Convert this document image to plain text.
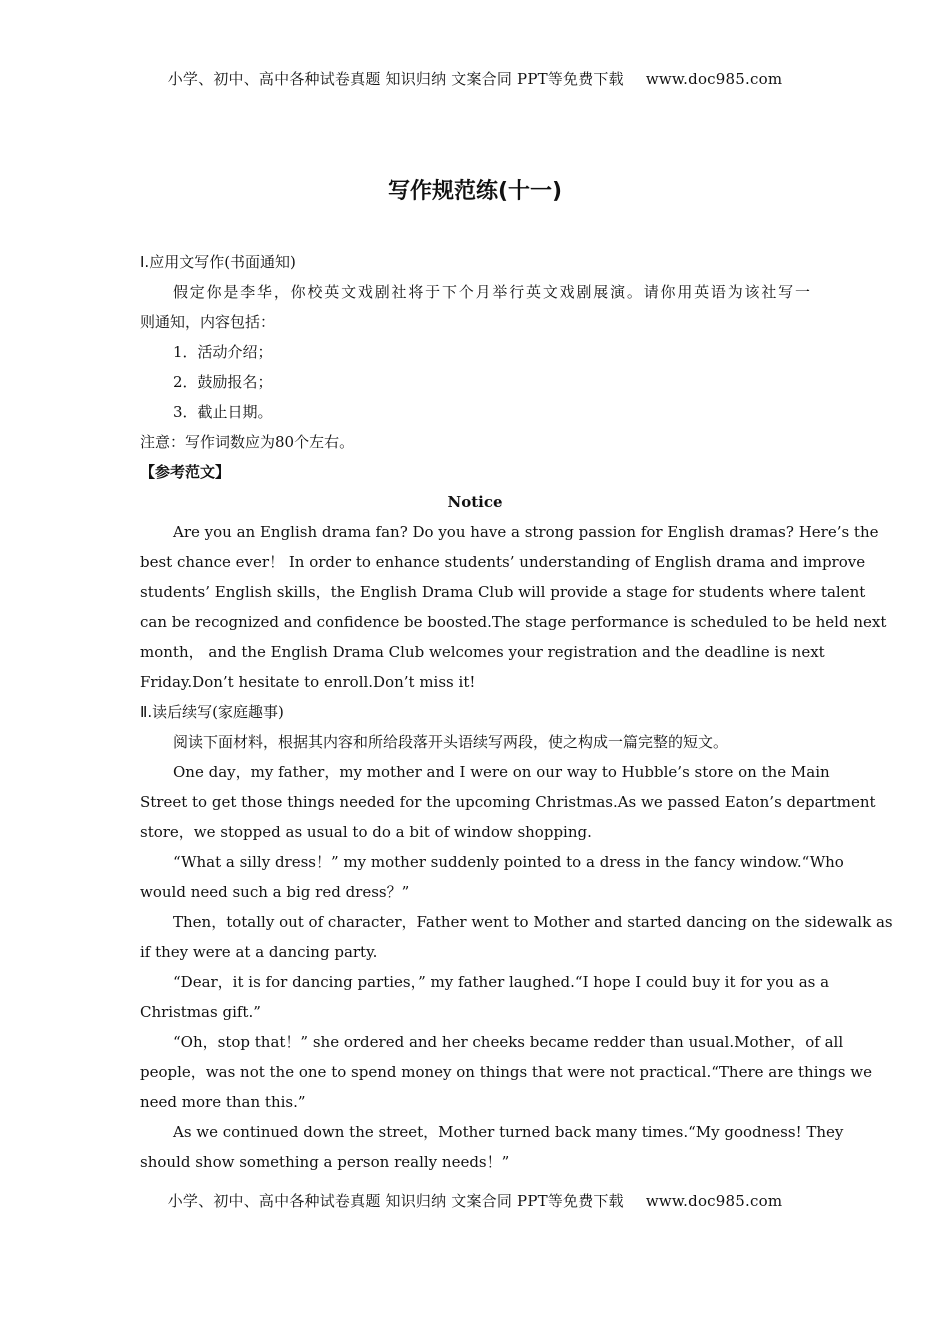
小学、初中、高中各种试卷真题 知识归纳 文案合同 PPT等免费下载 www.doc985.com
写作规范练(十一)
Ⅰ.应用文写作(书面通知)
假定你是李华，你校英文戏剧社将于下个月举行英文戏剧展演。请你用英语为该社写一
则通知，内容包括：
1．活动介绍；
2．鼓励报名；
3．截止日期。
注意：写作词数应为80个左右。
【参考范文】
Notice
Are you an English drama fan? Do you have a strong passion for English dramas? Here’s the
best chance ever！ In order to enhance students’ understanding of English drama and improve
students’ English skills，the English Drama Club will provide a stage for students where talent
can be recognized and confidence be boosted.The stage performance is scheduled to be held next
month， and the English Drama Club welcomes your registration and the deadline is next
Friday.Don’t hesitate to enroll.Don’t miss it!
Ⅱ.读后续写(家庭趣事)
阅读下面材料，根据其内容和所给段落开头语续写两段，使之构成一篇完整的短文。
One day，my father，my mother and I were on our way to Hubble’s store on the Main
Street to get those things needed for the upcoming Christmas.As we passed Eaton’s department
store，we stopped as usual to do a bit of window shopping.
“What a silly dress！” my mother suddenly pointed to a dress in the fancy window.“Who
would need such a big red dress？”
Then，totally out of character，Father went to Mother and started dancing on the sidewalk as
if they were at a dancing party.
“Dear，it is for dancing parties，” my father laughed.“I hope I could buy it for you as a
Christmas gift.”
“Oh，stop that！” she ordered and her cheeks became redder than usual.Mother，of all
people，was not the one to spend money on things that were not practical.“There are things we
need more than this.”
As we continued down the street，Mother turned back many times.“My goodness! They
should show something a person really needs！”
小学、初中、高中各种试卷真题 知识归纳 文案合同 PPT等免费下载 www.doc985.com
